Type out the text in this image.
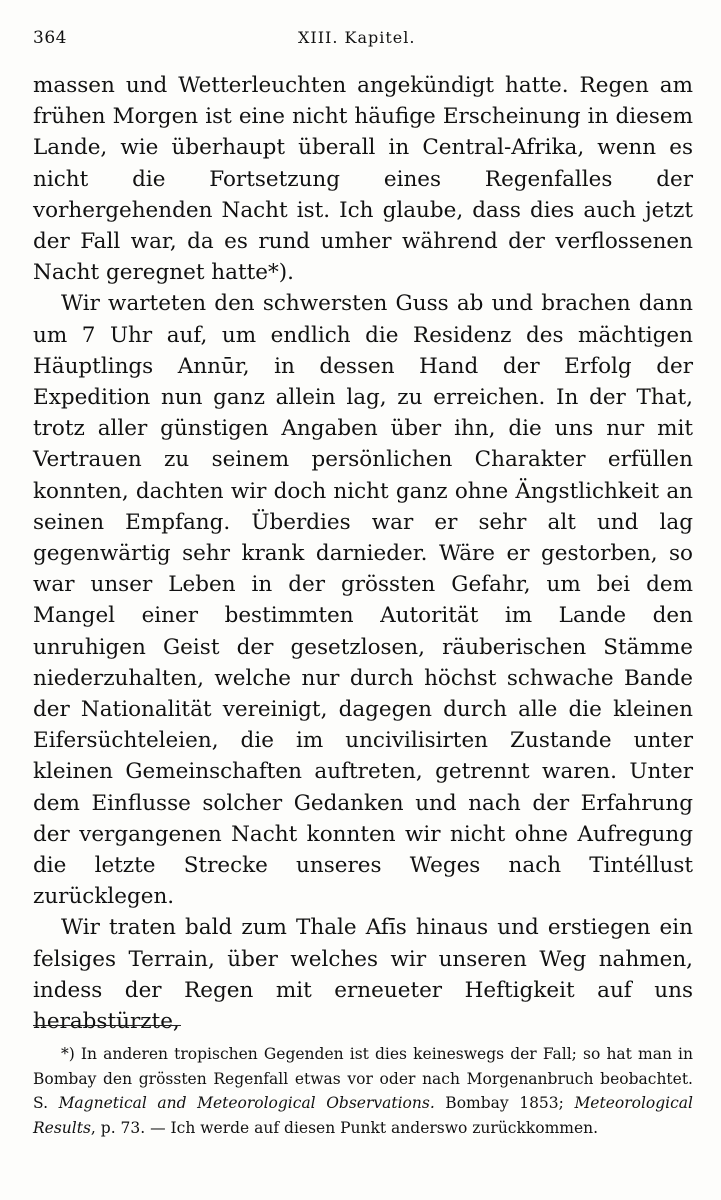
364	XIII. Kapitel.

massen und Wetterleuchten angekündigt hatte. Regen am frühen Morgen ist eine nicht häufige Erscheinung in diesem Lande, wie überhaupt überall in Central-Afrika, wenn es nicht die Fortsetzung eines Regenfalles der vorhergehenden Nacht ist. Ich glaube, dass dies auch jetzt der Fall war, da es rund umher während der verflossenen Nacht geregnet hatte*).

Wir warteten den schwersten Guss ab und brachen dann um 7 Uhr auf, um endlich die Residenz des mächtigen Häuptlings Annūr, in dessen Hand der Erfolg der Expedition nun ganz allein lag, zu erreichen. In der That, trotz aller günstigen Angaben über ihn, die uns nur mit Vertrauen zu seinem persönlichen Charakter erfüllen konnten, dachten wir doch nicht ganz ohne Ängstlichkeit an seinen Empfang. Überdies war er sehr alt und lag gegenwärtig sehr krank darnieder. Wäre er gestorben, so war unser Leben in der grössten Gefahr, um bei dem Mangel einer bestimmten Autorität im Lande den unruhigen Geist der gesetzlosen, räuberischen Stämme niederzuhalten, welche nur durch höchst schwache Bande der Nationalität vereinigt, dagegen durch alle die kleinen Eifersüchteleien, die im uncivilisirten Zustande unter kleinen Gemeinschaften auftreten, getrennt waren. Unter dem Einflusse solcher Gedanken und nach der Erfahrung der vergangenen Nacht konnten wir nicht ohne Aufregung die letzte Strecke unseres Weges nach Tintéllust zurücklegen.

Wir traten bald zum Thale Afīs hinaus und erstiegen ein felsiges Terrain, über welches wir unseren Weg nahmen, indess der Regen mit erneueter Heftigkeit auf uns herabstürzte,

*) In anderen tropischen Gegenden ist dies keineswegs der Fall; so hat man in Bombay den grössten Regenfall etwas vor oder nach Morgenanbruch beobachtet. S. Magnetical and Meteorological Observations. Bombay 1853; Meteorological Results, p. 73. — Ich werde auf diesen Punkt anderswo zurückkommen.
